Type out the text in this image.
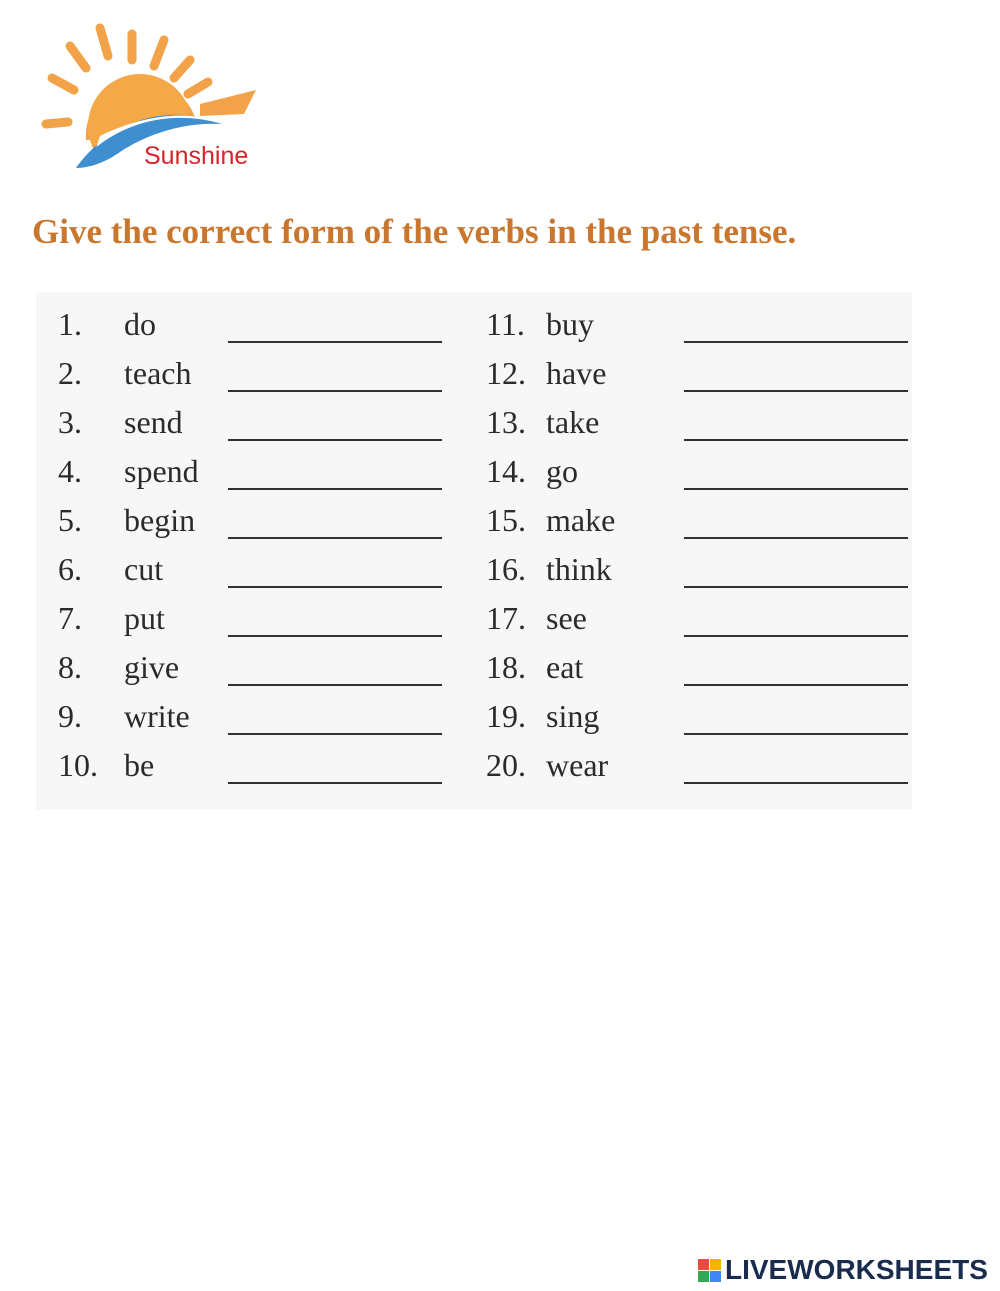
Sunshine
Give the correct form of the verbs in the past tense.
1. do
2. teach
3. send
4. spend
5. begin
6. cut
7. put
8. give
9. write
10. be
11. buy
12. have
13. take
14. go
15. make
16. think
17. see
18. eat
19. sing
20. wear
LIVEWORKSHEETS
